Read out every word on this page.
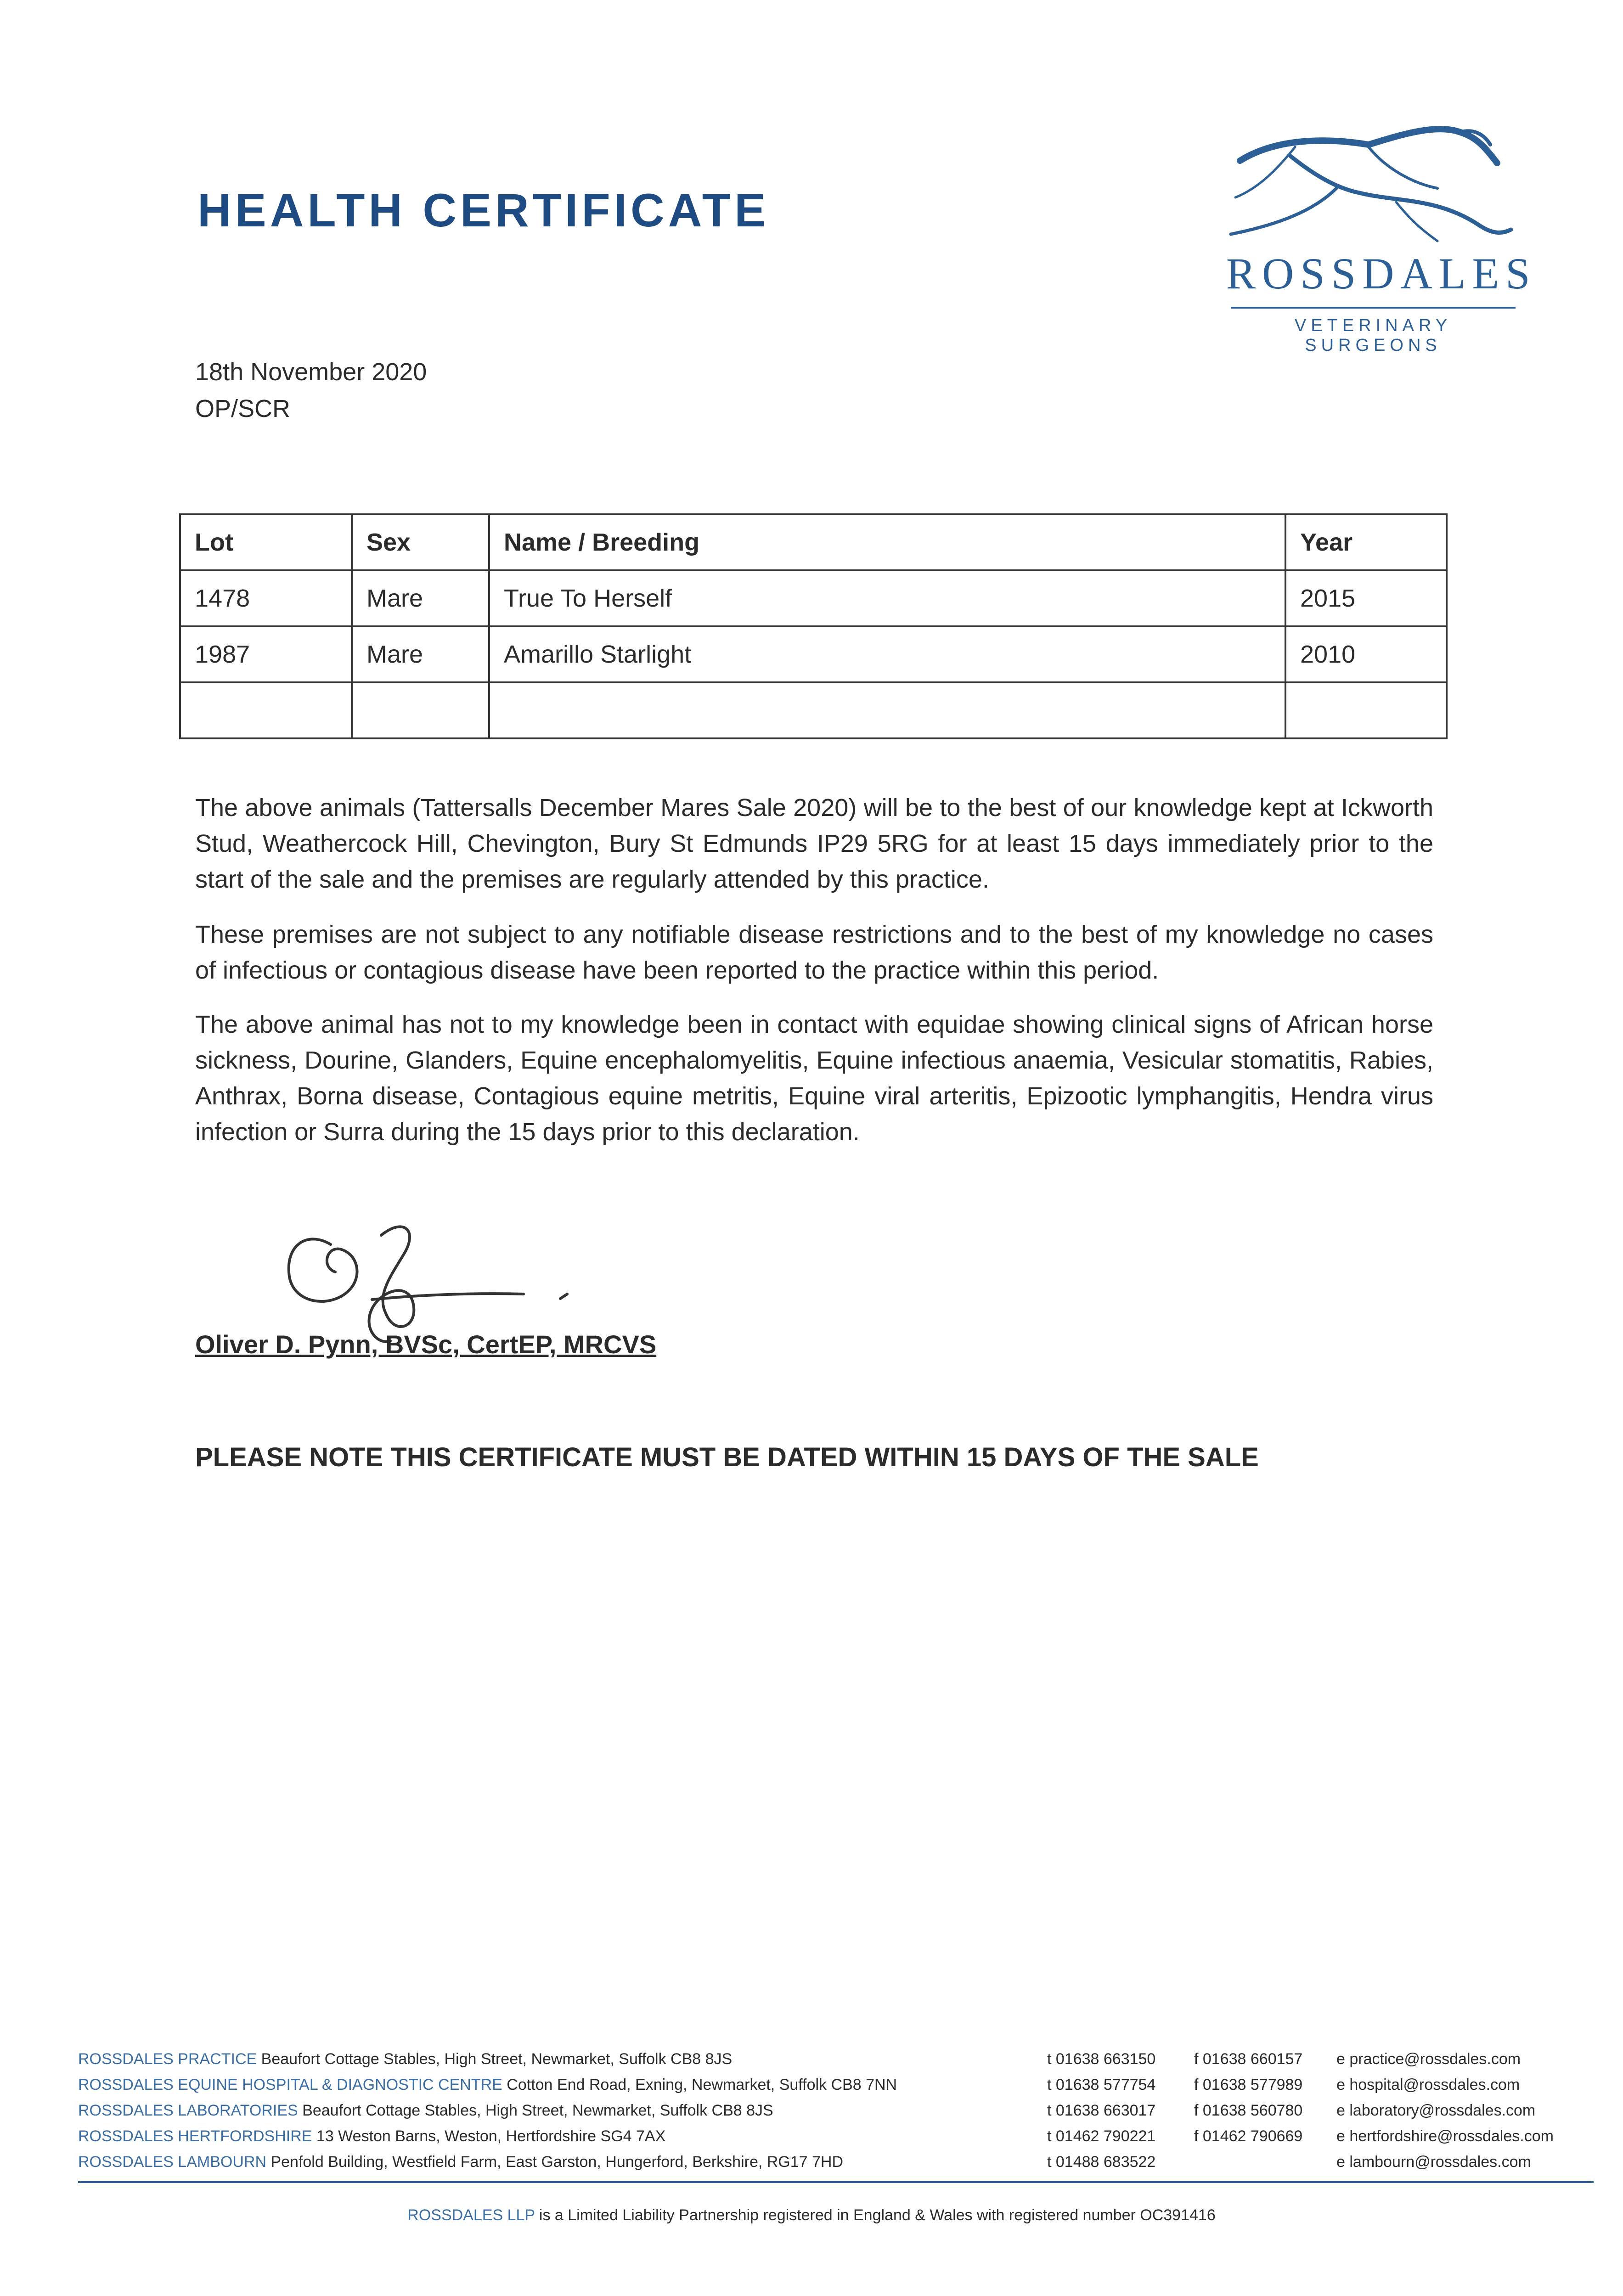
HEALTH CERTIFICATE
ROSSDALES
VETERINARY SURGEONS
18th November 2020
OP/SCR
Lot	Sex	Name / Breeding	Year
1478	Mare	True To Herself	2015
1987	Mare	Amarillo Starlight	2010

The above animals (Tattersalls December Mares Sale 2020) will be to the best of our knowledge kept at Ickworth Stud, Weathercock Hill, Chevington, Bury St Edmunds IP29 5RG for at least 15 days immediately prior to the start of the sale and the premises are regularly attended by this practice.
These premises are not subject to any notifiable disease restrictions and to the best of my knowledge no cases of infectious or contagious disease have been reported to the practice within this period.
The above animal has not to my knowledge been in contact with equidae showing clinical signs of African horse sickness, Dourine, Glanders, Equine encephalomyelitis, Equine infectious anaemia, Vesicular stomatitis, Rabies, Anthrax, Borna disease, Contagious equine metritis, Equine viral arteritis, Epizootic lymphangitis, Hendra virus infection or Surra during the 15 days prior to this declaration.
Oliver D. Pynn, BVSc, CertEP, MRCVS
PLEASE NOTE THIS CERTIFICATE MUST BE DATED WITHIN 15 DAYS OF THE SALE
ROSSDALES PRACTICE Beaufort Cottage Stables, High Street, Newmarket, Suffolk CB8 8JS	t 01638 663150 f 01638 660157 e practice@rossdales.com
ROSSDALES EQUINE HOSPITAL & DIAGNOSTIC CENTRE Cotton End Road, Exning, Newmarket, Suffolk CB8 7NN	t 01638 577754 f 01638 577989 e hospital@rossdales.com
ROSSDALES LABORATORIES Beaufort Cottage Stables, High Street, Newmarket, Suffolk CB8 8JS	t 01638 663017 f 01638 560780 e laboratory@rossdales.com
ROSSDALES HERTFORDSHIRE 13 Weston Barns, Weston, Hertfordshire SG4 7AX	t 01462 790221 f 01462 790669 e hertfordshire@rossdales.com
ROSSDALES LAMBOURN Penfold Building, Westfield Farm, East Garston, Hungerford, Berkshire, RG17 7HD	t 01488 683522	e lambourn@rossdales.com
ROSSDALES LLP is a Limited Liability Partnership registered in England & Wales with registered number OC391416
